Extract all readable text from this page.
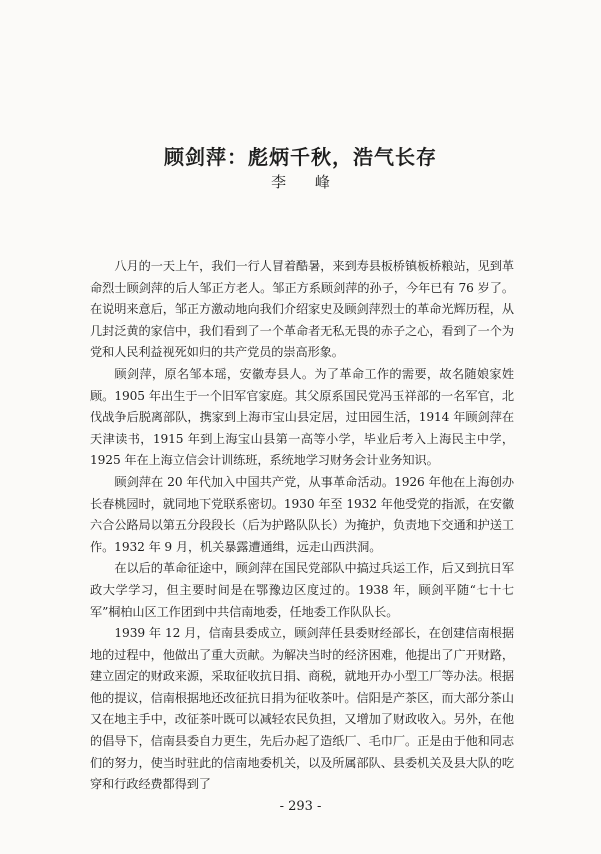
顾剑萍：彪炳千秋，浩气长存
李 峰

八月的一天上午，我们一行人冒着酷暑，来到寿县板桥镇板桥粮站，见到革命烈士顾剑萍的后人邹正方老人。邹正方系顾剑萍的孙子，今年已有 76 岁了。在说明来意后，邹正方激动地向我们介绍家史及顾剑萍烈士的革命光辉历程，从几封泛黄的家信中，我们看到了一个革命者无私无畏的赤子之心，看到了一个为党和人民利益视死如归的共产党员的崇高形象。

顾剑萍，原名邹本瑶，安徽寿县人。为了革命工作的需要，故名随娘家姓顾。1905 年出生于一个旧军官家庭。其父原系国民党冯玉祥部的一名军官，北伐战争后脱离部队，携家到上海市宝山县定居，过田园生活，1914 年顾剑萍在天津读书，1915 年到上海宝山县第一高等小学，毕业后考入上海民主中学，1925 年在上海立信会计训练班，系统地学习财务会计业务知识。

顾剑萍在 20 年代加入中国共产党，从事革命活动。1926 年他在上海创办长春桃园时，就同地下党联系密切。1930 年至 1932 年他受党的指派，在安徽六合公路局以第五分段段长（后为护路队队长）为掩护，负责地下交通和护送工作。1932 年 9 月，机关暴露遭通缉，远走山西洪洞。

在以后的革命征途中，顾剑萍在国民党部队中搞过兵运工作，后又到抗日军政大学学习，但主要时间是在鄂豫边区度过的。1938 年，顾剑平随“七十七军”桐柏山区工作团到中共信南地委，任地委工作队队长。

1939 年 12 月，信南县委成立，顾剑萍任县委财经部长，在创建信南根据地的过程中，他做出了重大贡献。为解决当时的经济困难，他提出了广开财路，建立固定的财政来源，采取征收抗日捐、商税，就地开办小型工厂等办法。根据他的提议，信南根据地还改征抗日捐为征收茶叶。信阳是产茶区，而大部分茶山又在地主手中，改征茶叶既可以减轻农民负担，又增加了财政收入。另外，在他的倡导下，信南县委自力更生，先后办起了造纸厂、毛巾厂。正是由于他和同志们的努力，使当时驻此的信南地委机关，以及所属部队、县委机关及县大队的吃穿和行政经费都得到了

- 293 -
